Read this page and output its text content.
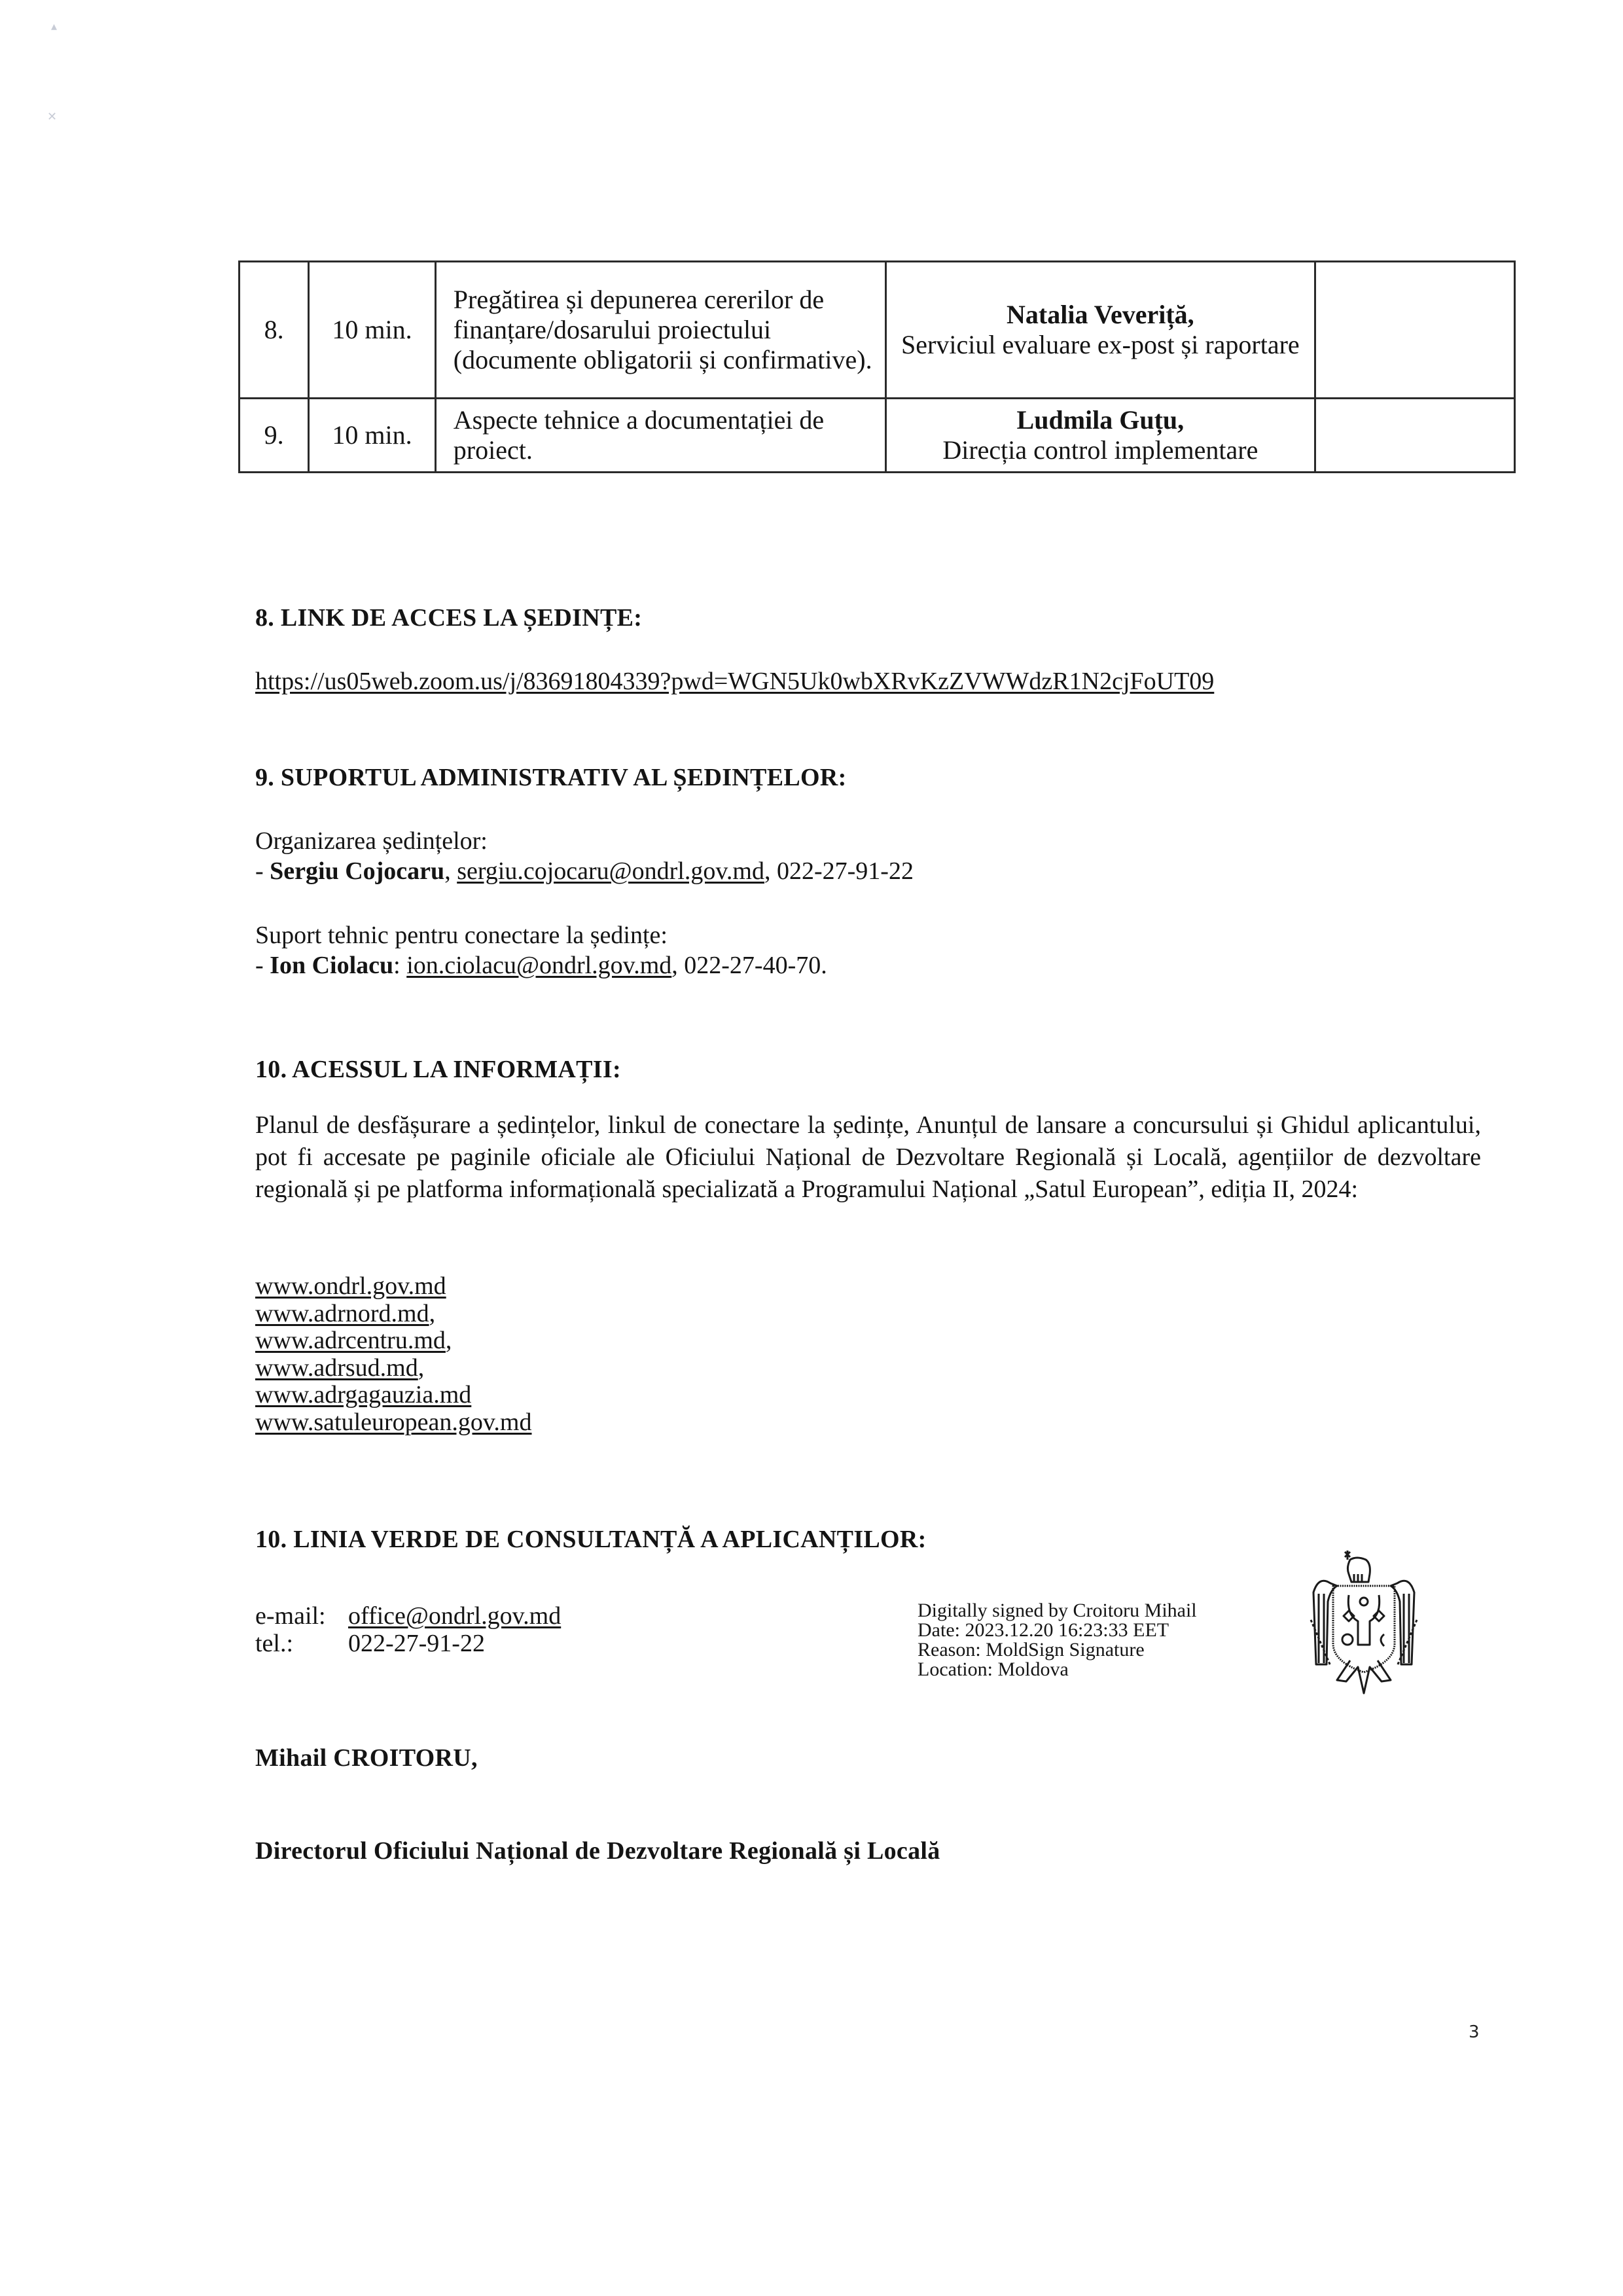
▴
✕
8.	10 min.	Pregătirea și depunerea cererilor de finanțare/dosarului proiectului (documente obligatorii și confirmative).	Natalia Veveriță,
Serviciul evaluare ex-post și raportare	

9.	10 min.	Aspecte tehnice a documentației de proiect.	Ludmila Guțu,
Direcția control implementare	

8. LINK DE ACCES LA ȘEDINȚE:
https://us05web.zoom.us/j/83691804339?pwd=WGN5Uk0wbXRvKzZVWWdzR1N2cjFoUT09
9. SUPORTUL ADMINISTRATIV AL ȘEDINȚELOR:
Organizarea ședințelor:
- Sergiu Cojocaru, sergiu.cojocaru@ondrl.gov.md, 022-27-91-22
Suport tehnic pentru conectare la ședințe:
- Ion Ciolacu: ion.ciolacu@ondrl.gov.md, 022-27-40-70.
10. ACESSUL LA INFORMAȚII:
Planul de desfășurare a ședințelor, linkul de conectare la ședințe, Anunțul de lansare a concursului și Ghidul aplicantului, pot fi accesate pe paginile oficiale ale Oficiului Național de Dezvoltare Regională și Locală, agențiilor de dezvoltare regională și pe platforma informațională specializată a Programului Național „Satul European”, ediția II, 2024:
www.ondrl.gov.md
www.adrnord.md,
www.adrcentru.md,
www.adrsud.md,
www.adrgagauzia.md
www.satuleuropean.gov.md
10. LINIA VERDE DE CONSULTANȚĂ A APLICANȚILOR:
e-mail: office@ondrl.gov.md
tel.: 022-27-91-22
Digitally signed by Croitoru Mihail
Date: 2023.12.20 16:23:33 EET
Reason: MoldSign Signature
Location: Moldova
Mihail CROITORU,
Directorul Oficiului Național de Dezvoltare Regională și Locală
3
